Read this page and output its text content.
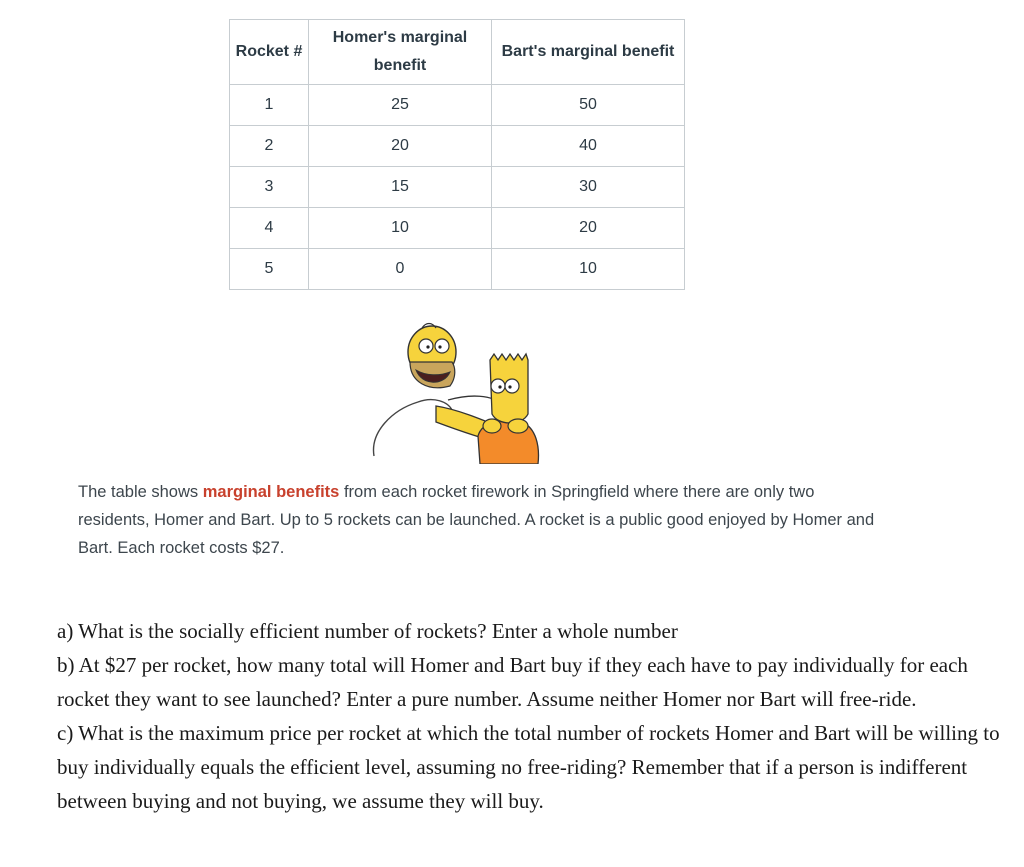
Rocket #	Homer's marginal benefit	Bart's marginal benefit
1	25	50
2	20	40
3	15	30
4	10	20
5	0	10
The table shows marginal benefits from each rocket firework in Springfield where there are only two residents, Homer and Bart. Up to 5 rockets can be launched. A rocket is a public good enjoyed by Homer and Bart. Each rocket costs $27.

a) What is the socially efficient number of rockets? Enter a whole number

b) At $27 per rocket, how many total will Homer and Bart buy if they each have to pay individually for each rocket they want to see launched? Enter a pure number. Assume neither Homer nor Bart will free-ride.

c) What is the maximum price per rocket at which the total number of rockets Homer and Bart will be willing to buy individually equals the efficient level, assuming no free-riding? Remember that if a person is indifferent between buying and not buying, we assume they will buy.
